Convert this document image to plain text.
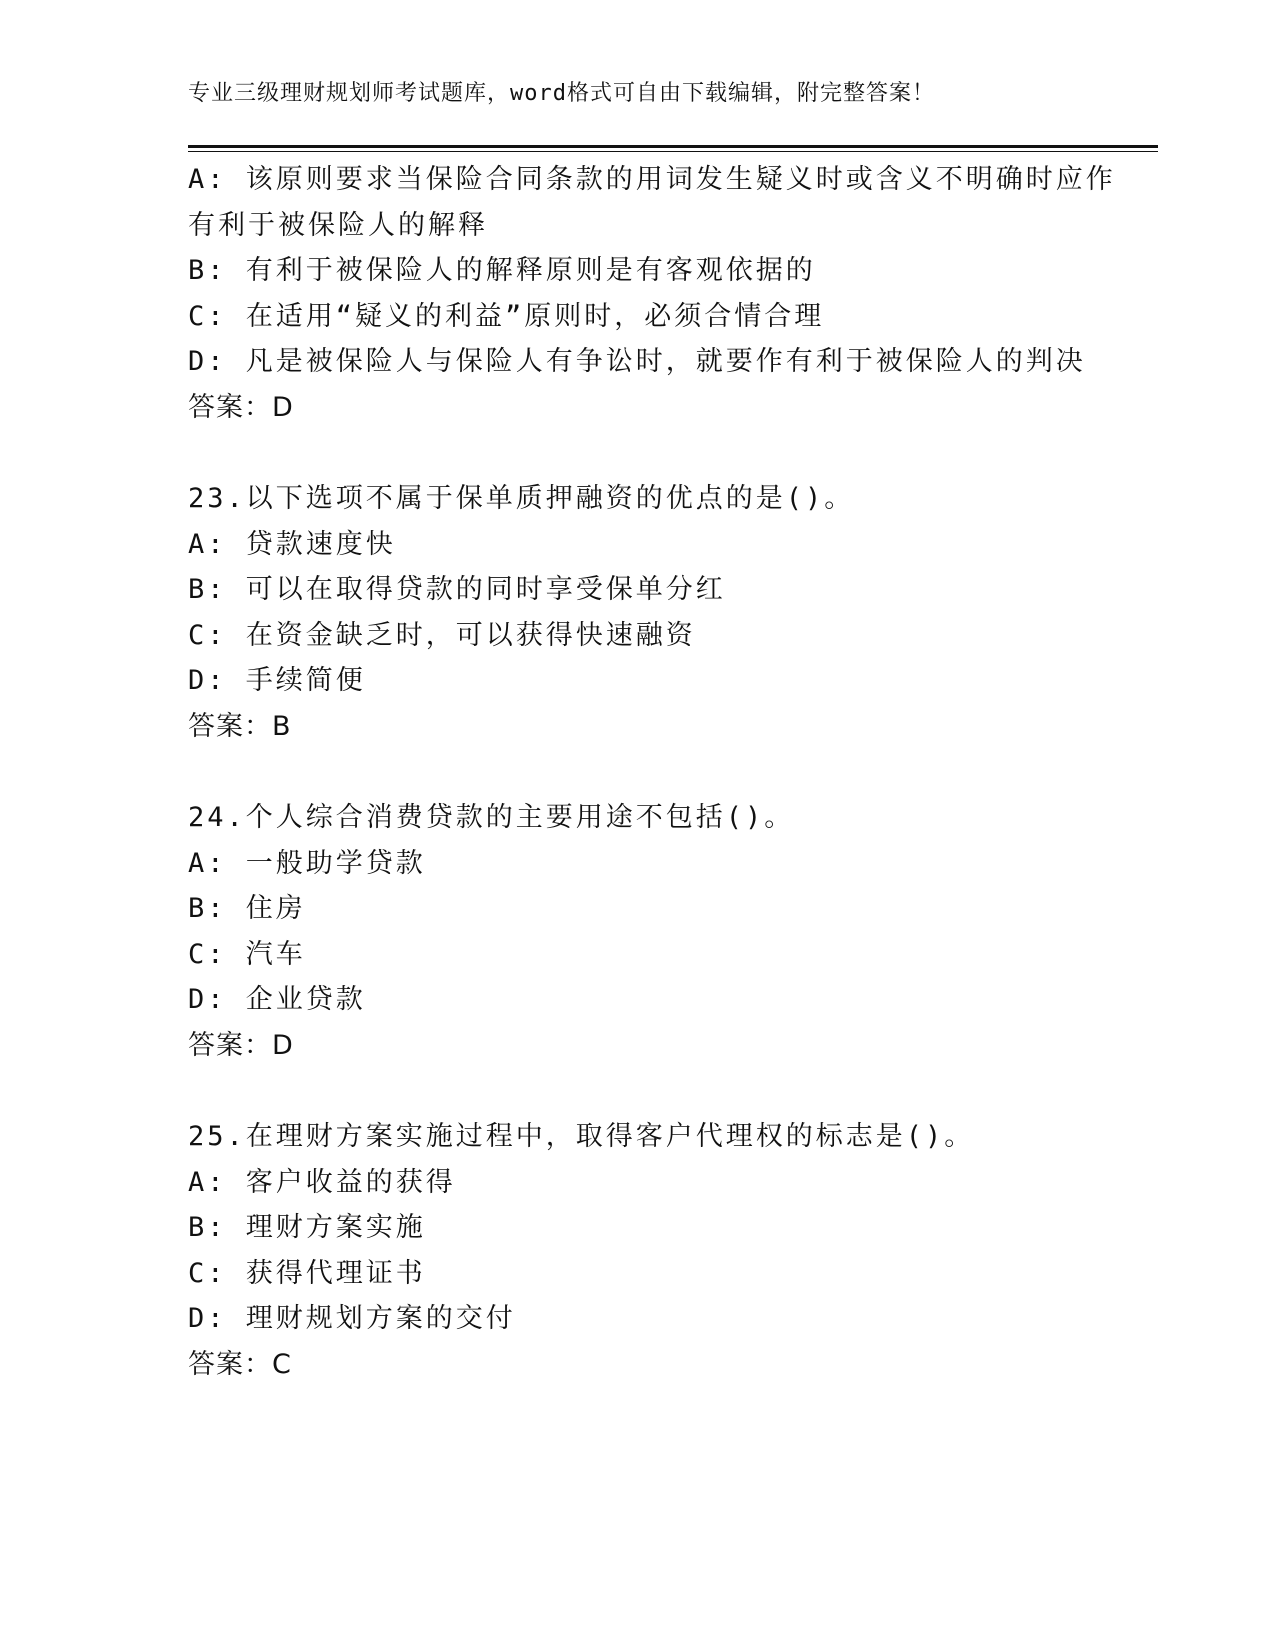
专业三级理财规划师考试题库，word格式可自由下载编辑，附完整答案！
A: 该原则要求当保险合同条款的用词发生疑义时或含义不明确时应作
有利于被保险人的解释
B: 有利于被保险人的解释原则是有客观依据的
C: 在适用“疑义的利益”原则时，必须合情合理
D: 凡是被保险人与保险人有争讼时，就要作有利于被保险人的判决
答案：D
23.以下选项不属于保单质押融资的优点的是()。
A: 贷款速度快
B: 可以在取得贷款的同时享受保单分红
C: 在资金缺乏时，可以获得快速融资
D: 手续简便
答案：B
24.个人综合消费贷款的主要用途不包括()。
A: 一般助学贷款
B: 住房
C: 汽车
D: 企业贷款
答案：D
25.在理财方案实施过程中，取得客户代理权的标志是()。
A: 客户收益的获得
B: 理财方案实施
C: 获得代理证书
D: 理财规划方案的交付
答案：C
